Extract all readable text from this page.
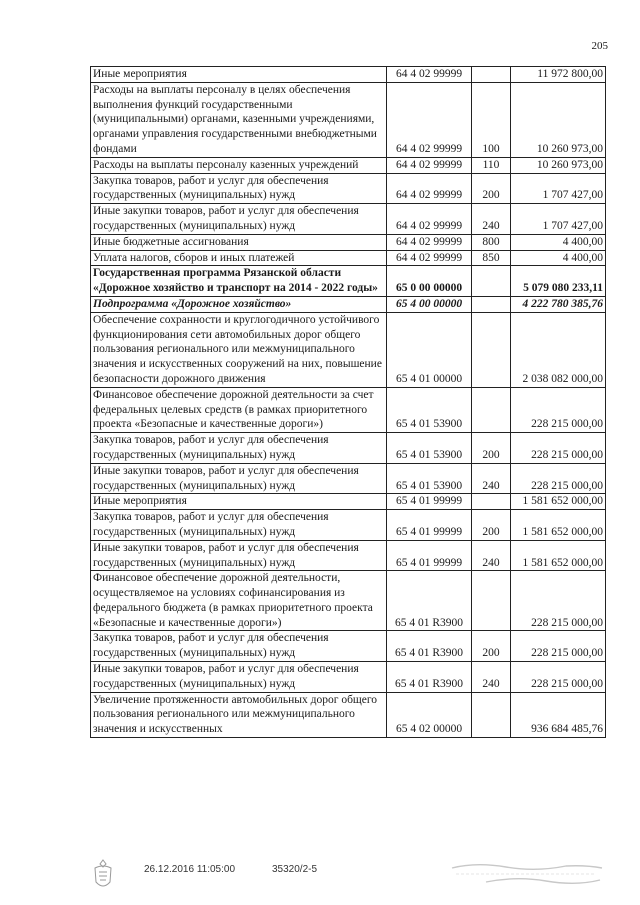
205
Иные мероприятия	64 4 02 99999		11 972 800,00
Расходы на выплаты персоналу в целях обеспечения выполнения функций государственными (муниципальными) органами, казенными учреждениями, органами управления государственными внебюджетными фондами	64 4 02 99999	100	10 260 973,00
Расходы на выплаты персоналу казенных учреждений	64 4 02 99999	110	10 260 973,00
Закупка товаров, работ и услуг для обеспечения государственных (муниципальных) нужд	64 4 02 99999	200	1 707 427,00
Иные закупки товаров, работ и услуг для обеспечения государственных (муниципальных) нужд	64 4 02 99999	240	1 707 427,00
Иные бюджетные ассигнования	64 4 02 99999	800	4 400,00
Уплата налогов, сборов и иных платежей	64 4 02 99999	850	4 400,00
Государственная программа Рязанской области «Дорожное хозяйство и транспорт на 2014 - 2022 годы»	65 0 00 00000		5 079 080 233,11
Подпрограмма «Дорожное хозяйство»	65 4 00 00000		4 222 780 385,76
Обеспечение сохранности и круглогодичного устойчивого функционирования сети автомобильных дорог общего пользования регионального или межмуниципального значения и искусственных сооружений на них, повышение безопасности дорожного движения	65 4 01 00000		2 038 082 000,00
Финансовое обеспечение дорожной деятельности за счет федеральных целевых средств (в рамках приоритетного проекта «Безопасные и качественные дороги»)	65 4 01 53900		228 215 000,00
Закупка товаров, работ и услуг для обеспечения государственных (муниципальных) нужд	65 4 01 53900	200	228 215 000,00
Иные закупки товаров, работ и услуг для обеспечения государственных (муниципальных) нужд	65 4 01 53900	240	228 215 000,00
Иные мероприятия	65 4 01 99999		1 581 652 000,00
Закупка товаров, работ и услуг для обеспечения государственных (муниципальных) нужд	65 4 01 99999	200	1 581 652 000,00
Иные закупки товаров, работ и услуг для обеспечения государственных (муниципальных) нужд	65 4 01 99999	240	1 581 652 000,00
Финансовое обеспечение дорожной деятельности, осуществляемое на условиях софинансирования из федерального бюджета (в рамках приоритетного проекта «Безопасные и качественные дороги»)	65 4 01 R3900		228 215 000,00
Закупка товаров, работ и услуг для обеспечения государственных (муниципальных) нужд	65 4 01 R3900	200	228 215 000,00
Иные закупки товаров, работ и услуг для обеспечения государственных (муниципальных) нужд	65 4 01 R3900	240	228 215 000,00
Увеличение протяженности автомобильных дорог общего пользования регионального или межмуниципального значения и искусственных	65 4 02 00000		936 684 485,76
26.12.2016 11:05:00	35320/2-5
